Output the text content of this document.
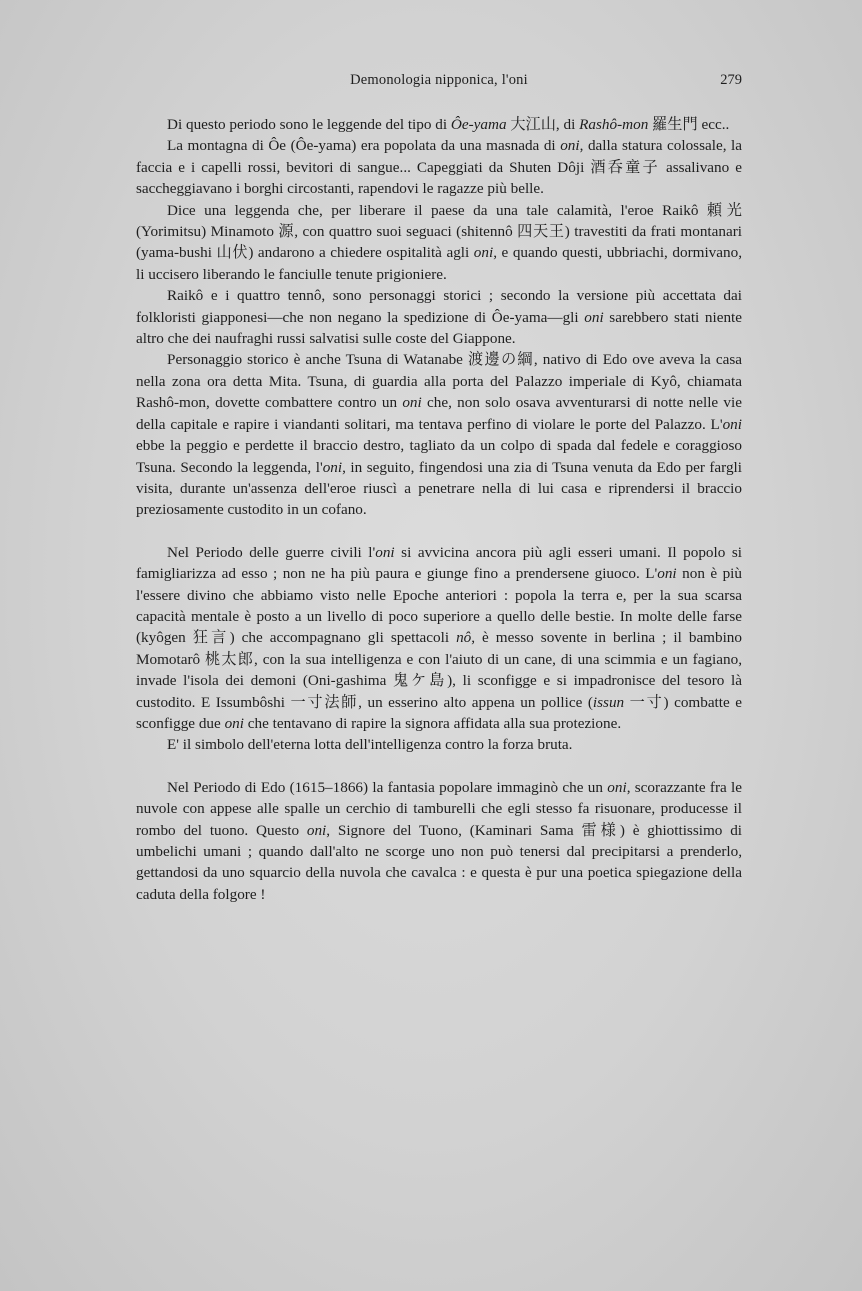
Demonologia nipponica, l'oni	279

Di questo periodo sono le leggende del tipo di Ôe-yama 大江山, di Rashô-mon 羅生門 ecc..

La montagna di Ôe (Ôe-yama) era popolata da una masnada di oni, dalla statura colossale, la faccia e i capelli rossi, bevitori di sangue... Capeggiati da Shuten Dôji 酒呑童子 assalivano e saccheggiavano i borghi circostanti, rapendovi le ragazze più belle.

Dice una leggenda che, per liberare il paese da una tale calamità, l'eroe Raikô 頼光 (Yorimitsu) Minamoto 源, con quattro suoi seguaci (shitennô 四天王) travestiti da frati montanari (yama-bushi 山伏) andarono a chiedere ospitalità agli oni, e quando questi, ubbriachi, dormivano, li uccisero liberando le fanciulle tenute prigioniere.

Raikô e i quattro tennô, sono personaggi storici ; secondo la versione più accettata dai folkloristi giapponesi—che non negano la spedizione di Ôe-yama—gli oni sarebbero stati niente altro che dei naufraghi russi salvatisi sulle coste del Giappone.

Personaggio storico è anche Tsuna di Watanabe 渡邊の綱, nativo di Edo ove aveva la casa nella zona ora detta Mita. Tsuna, di guardia alla porta del Palazzo imperiale di Kyô, chiamata Rashô-mon, dovette combattere contro un oni che, non solo osava avventurarsi di notte nelle vie della capitale e rapire i viandanti solitari, ma tentava perfino di violare le porte del Palazzo. L'oni ebbe la peggio e perdette il braccio destro, tagliato da un colpo di spada dal fedele e coraggioso Tsuna. Secondo la leggenda, l'oni, in seguito, fingendosi una zia di Tsuna venuta da Edo per fargli visita, durante un'assenza dell'eroe riuscì a penetrare nella di lui casa e riprendersi il braccio preziosamente custodito in un cofano.

Nel Periodo delle guerre civili l'oni si avvicina ancora più agli esseri umani. Il popolo si famigliarizza ad esso ; non ne ha più paura e giunge fino a prendersene giuoco. L'oni non è più l'essere divino che abbiamo visto nelle Epoche anteriori : popola la terra e, per la sua scarsa capacità mentale è posto a un livello di poco superiore a quello delle bestie. In molte delle farse (kyôgen 狂言) che accompagnano gli spettacoli nô, è messo sovente in berlina ; il bambino Momotarô 桃太郎, con la sua intelligenza e con l'aiuto di un cane, di una scimmia e un fagiano, invade l'isola dei demoni (Oni-gashima 鬼ケ島), li sconfigge e si impadronisce del tesoro là custodito. E Issumbôshi 一寸法師, un esserino alto appena un pollice (issun 一寸) combatte e sconfigge due oni che tentavano di rapire la signora affidata alla sua protezione.

E' il simbolo dell'eterna lotta dell'intelligenza contro la forza bruta.

Nel Periodo di Edo (1615–1866) la fantasia popolare immaginò che un oni, scorazzante fra le nuvole con appese alle spalle un cerchio di tamburelli che egli stesso fa risuonare, producesse il rombo del tuono. Questo oni, Signore del Tuono, (Kaminari Sama 雷様) è ghiottissimo di umbelichi umani ; quando dall'alto ne scorge uno non può tenersi dal precipitarsi a prenderlo, gettandosi da uno squarcio della nuvola che cavalca : e questa è pur una poetica spiegazione della caduta della folgore !
